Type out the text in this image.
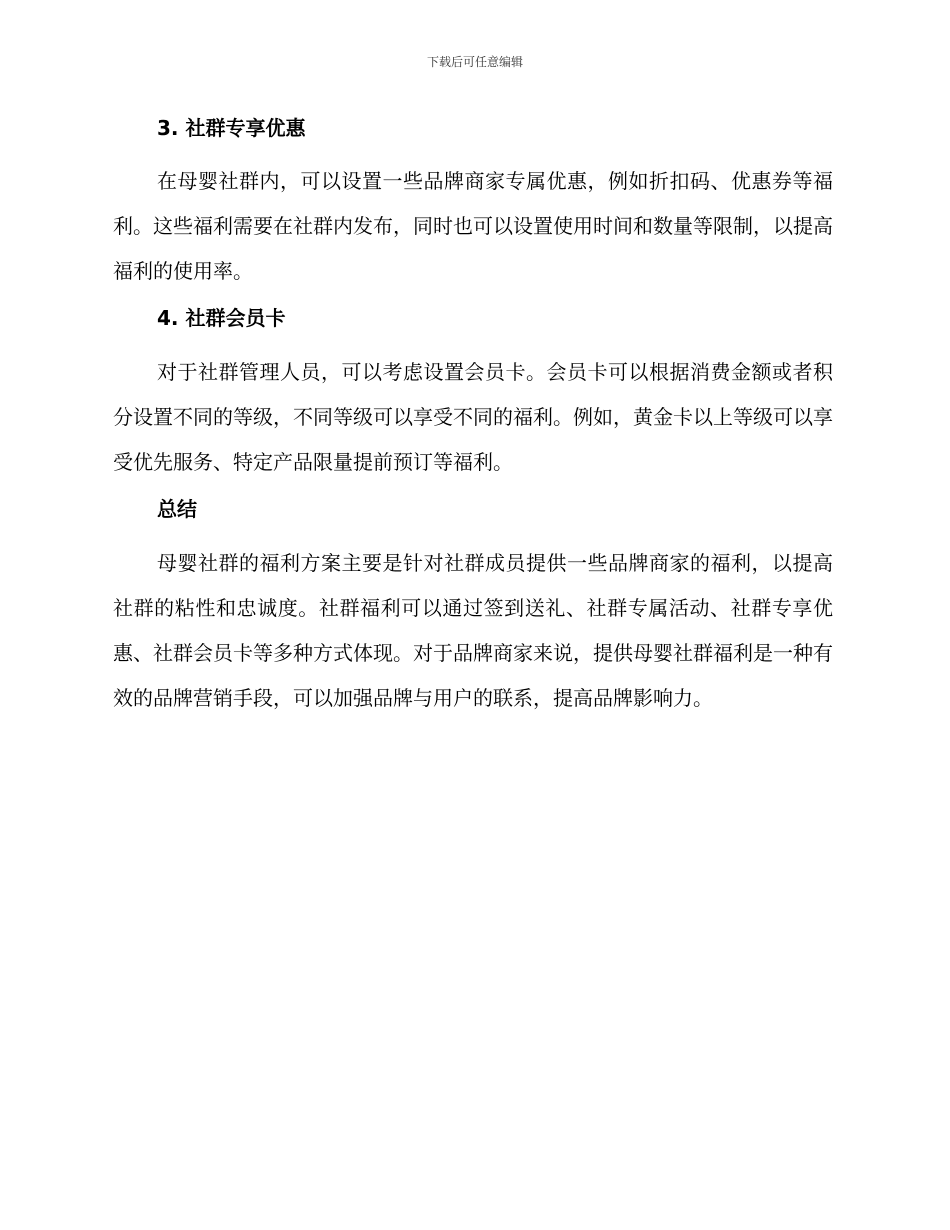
下载后可任意编辑
3. 社群专享优惠

在母婴社群内，可以设置一些品牌商家专属优惠，例如折扣码、优惠券等福利。这些福利需要在社群内发布，同时也可以设置使用时间和数量等限制，以提高福利的使用率。

4. 社群会员卡

对于社群管理人员，可以考虑设置会员卡。会员卡可以根据消费金额或者积分设置不同的等级，不同等级可以享受不同的福利。例如，黄金卡以上等级可以享受优先服务、特定产品限量提前预订等福利。

总结

母婴社群的福利方案主要是针对社群成员提供一些品牌商家的福利，以提高社群的粘性和忠诚度。社群福利可以通过签到送礼、社群专属活动、社群专享优惠、社群会员卡等多种方式体现。对于品牌商家来说，提供母婴社群福利是一种有效的品牌营销手段，可以加强品牌与用户的联系，提高品牌影响力。
